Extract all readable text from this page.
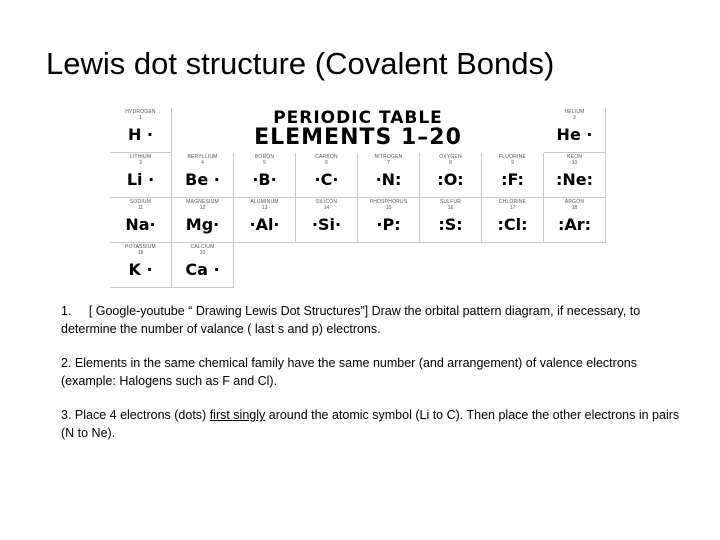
Lewis dot structure (Covalent Bonds)
PERIODIC TABLE
ELEMENTS 1–20
HYDROGEN
1
H ·
HELIUM
2
He ·
LITHIUM
3
Li ·
BERYLLIUM
4
Be ·
BORON
5
·B·
CARBON
6
·C·
NITROGEN
7
·N:
OXYGEN
8
:O:
FLUORINE
9
:F:
NEON
10
:Ne:
SODIUM
11
Na·
MAGNESIUM
12
Mg·
ALUMINUM
13
·Al·
SILICON
14
·Si·
PHOSPHORUS
15
·P:
SULFUR
16
:S:
CHLORINE
17
:Cl:
ARGON
18
:Ar:
POTASSIUM
19
K ·
CALCIUM
20
Ca ·

1. [ Google-youtube “ Drawing Lewis Dot Structures”] Draw the orbital pattern diagram, if necessary, to determine the number of valance ( last s and p) electrons.

2. Elements in the same chemical family have the same number (and arrangement) of valence electrons (example: Halogens such as F and Cl).

3. Place 4 electrons (dots) first singly around the atomic symbol (Li to C). Then place the other electrons in pairs (N to Ne).
